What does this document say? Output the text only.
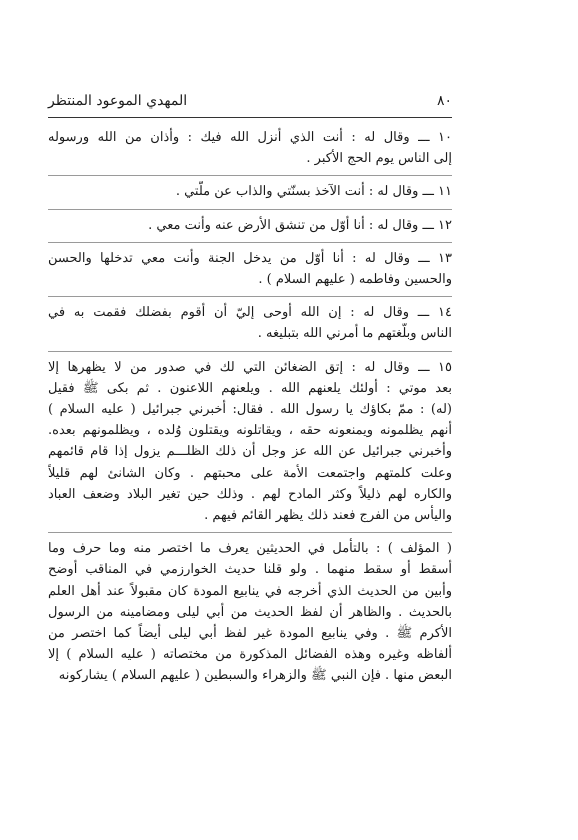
٨٠
المهدي الموعود المنتظر
١٠ ـــ وقال له : أنت الذي أنزل الله فيك : وأذان من الله ورسوله
إلى الناس يوم الحج الأكبر .
١١ ـــ وقال له : أنت الآخذ بسنّتي والذاب عن ملّتي .
١٢ ـــ وقال له : أنا أوّل من تنشق الأرض عنه وأنت معي .
١٣ ـــ وقال له : أنا أوّل من يدخل الجنة وأنت معي تدخلها والحسن
والحسين وفاطمه ( عليهم السلام ) .
١٤ ـــ وقال له : إن الله أوحى إليّ أن أقوم بفضلك فقمت به في
الناس وبلّغتهم ما أمرني الله بتبليغه .
١٥ ـــ وقال له : إتق الضغائن التي لك في صدور من لا يظهرها إلا
بعد موتي : أولئك يلعنهم الله . ويلعنهم اللاعنون . ثم بكى ﷺ فقيل
(له) : ممّ بكاؤك يا رسول الله . فقال: أخبرني جبرائيل ( عليه السلام )
أنهم يظلمونه ويمنعونه حقه ، ويقاتلونه ويقتلون وُلده ، ويظلمونهم بعده.
وأخبرني جبرائيل عن الله عز وجل أن ذلك الظلـــم يزول إذا قام قائمهم
وعلت كلمتهم واجتمعت الأمة على محبتهم . وكان الشانئ لهم قليلاً
والكاره لهم ذليلاً وكثر المادح لهم . وذلك حين تغير البلاد وضعف العباد
واليأس من الفرج فعند ذلك يظهر القائم فيهم .
( المؤلف ) : بالتأمل في الحديثين يعرف ما اختصر منه وما حرف وما
أسقط أو سقط منهما . ولو قلنا حديث الخوارزمي في المناقب أوضح
وأبين من الحديث الذي أخرجه في ينابيع المودة كان مقبولاً عند أهل العلم
بالحديث . والظاهر أن لفظ الحديث من أبي ليلى ومضامينه من الرسول
الأكرم ﷺ . وفي ينابيع المودة غير لفظ أبي ليلى أيضاً كما اختصر من
ألفاظه وغيره وهذه الفضائل المذكورة من مختصاته ( عليه السلام ) إلا
البعض منها . فإن النبي ﷺ والزهراء والسبطين ( عليهم السلام ) يشاركونه
